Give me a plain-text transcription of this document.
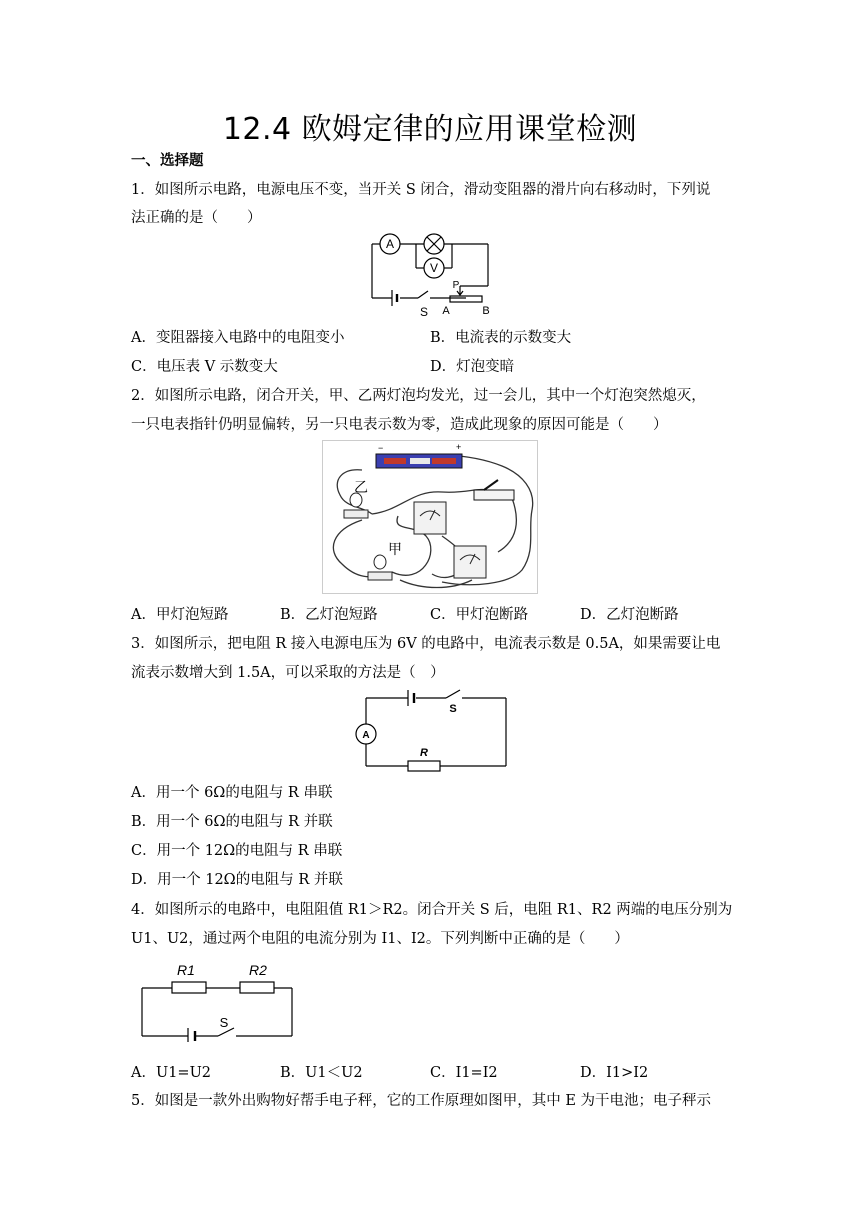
12.4 欧姆定律的应用课堂检测
一、选择题
1．如图所示电路，电源电压不变，当开关 S 闭合，滑动变阻器的滑片向右移动时，下列说
法正确的是（　　）
A
V
S A	B
P
A．变阻器接入电路中的电阻变小	B．电流表的示数变大
C．电压表 V 示数变大	D．灯泡变暗
2．如图所示电路，闭合开关，甲、乙两灯泡均发光，过一会儿，其中一个灯泡突然熄灭，
一只电表指针仍明显偏转，另一只电表示数为零，造成此现象的原因可能是（　　）
−	+
乙
甲
A．甲灯泡短路	B．乙灯泡短路	C．甲灯泡断路	D．乙灯泡断路
3．如图所示，把电阻 R 接入电源电压为 6V 的电路中，电流表示数是 0.5A，如果需要让电
流表示数增大到 1.5A，可以采取的方法是（　）
A
S
R
A．用一个 6Ω的电阻与 R 串联
B．用一个 6Ω的电阻与 R 并联
C．用一个 12Ω的电阻与 R 串联
D．用一个 12Ω的电阻与 R 并联
4．如图所示的电路中，电阻阻值 R1＞R2。闭合开关 S 后，电阻 R1、R2 两端的电压分别为
U1、U2，通过两个电阻的电流分别为 I1、I2。下列判断中正确的是（　　）
R1	R2
S
A．U1=U2	B．U1＜U2	C．I1=I2	D．I1>I2
5．如图是一款外出购物好帮手电子秤，它的工作原理如图甲，其中 E 为干电池；电子秤示
